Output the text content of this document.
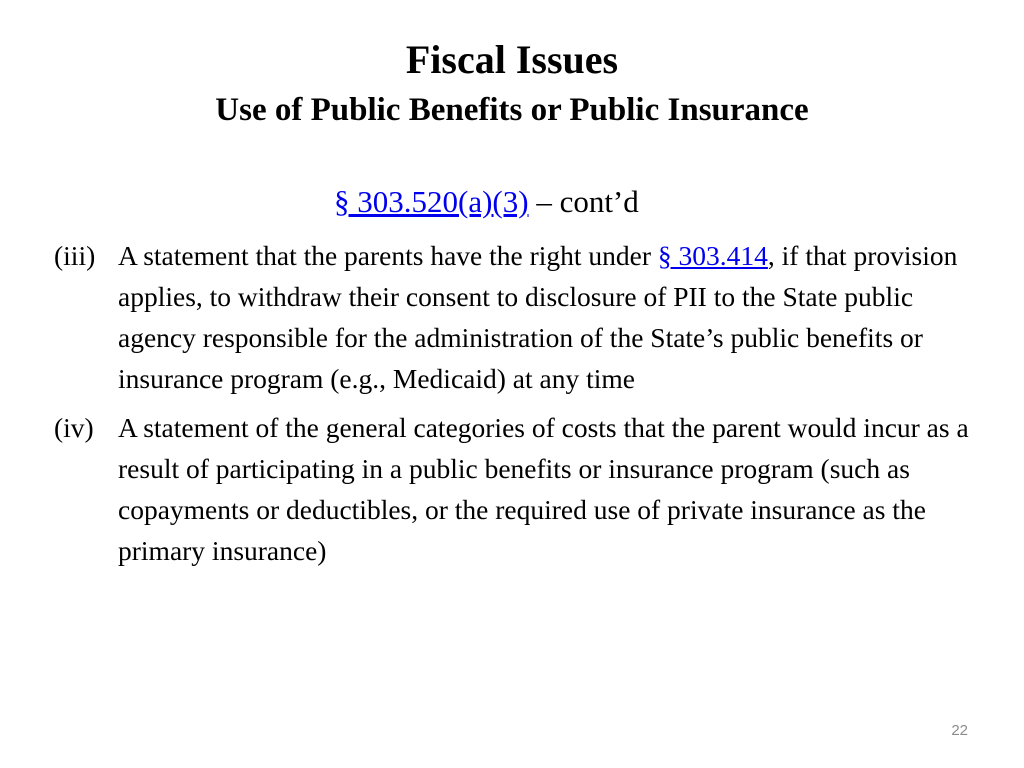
Fiscal Issues
Use of Public Benefits or Public Insurance
§ 303.520(a)(3) – cont’d
(iii) A statement that the parents have the right under § 303.414, if that provision applies, to withdraw their consent to disclosure of PII to the State public agency responsible for the administration of the State’s public benefits or insurance program (e.g., Medicaid) at any time
(iv) A statement of the general categories of costs that the parent would incur as a result of participating in a public benefits or insurance program (such as copayments or deductibles, or the required use of private insurance as the primary insurance)
22
